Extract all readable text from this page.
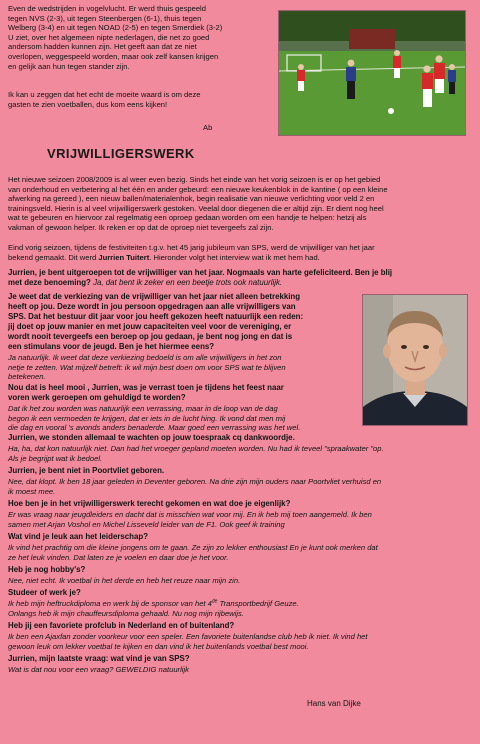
Even de wedstrijden in vogelvlucht. Er werd thuis gespeeld
tegen NVS (2-3), uit tegen Steenbergen (6-1), thuis tegen
Welberg (3-4) en uit tegen NOAD (2-5) en tegen Smerdiek (3-2)
U ziet, over het algemeen nipte nederlagen, die net zo goed
andersom hadden kunnen zijn. Het geeft aan dat ze niet
overlopen, weggespeeld worden, maar ook zelf kansen krijgen
en gelijk aan hun tegen stander zijn.
Ik kan u zeggen dat het echt de moeite waard is om deze
gasten te zien voetballen, dus kom eens kijken!
Ab
VRIJWILLIGERSWERK
Het nieuwe seizoen 2008/2009 is al weer even bezig. Sinds het einde van het vorig seizoen is er op het gebied
van onderhoud en verbetering al het één en ander gebeurd: een nieuwe keukenblok in de kantine ( op een kleine
afwerking na gereed ), een nieuw ballen/materialenhok, begin realisatie van nieuwe verlichting voor veld 2 en
trainingsveld. Hierin is al veel vrijwilligerswerk gestoken. Veelal door diegenen die er altijd zijn. Er dient nog heel
wat te gebeuren en hiervoor zal regelmatig een oproep gedaan worden om een handje te helpen: hetzij als
vakman of gewoon helper. Ik reken er op dat de oproep niet tevergeefs zal zijn.
Eind vorig seizoen, tijdens de festiviteiten t.g.v. het 45 jarig jubileum van SPS, werd de vrijwilliger van het jaar
bekend gemaakt. Dit werd Jurrien Tuitert. Hieronder volgt het interview wat ik met hem had.
Jurrien, je bent uitgeroepen tot de vrijwilliger van het jaar. Nogmaals van harte gefeliciteerd. Ben je blij
met deze benoeming? Ja, dat bent ik zeker en een beetje trots ook natuurlijk.
Je weet dat de verkiezing van de vrijwilliger van het jaar niet alleen betrekking
heeft op jou. Deze wordt in jou persoon opgedragen aan alle vrijwilligers van
SPS. Dat het bestuur dit jaar voor jou heeft gekozen heeft natuurlijk een reden:
jij doet op jouw manier en met jouw capaciteiten veel voor de vereniging, er
wordt nooit tevergeefs een beroep op jou gedaan, je bent nog jong en dat is
een stimulans voor de jeugd. Ben je het hiermee eens?
Ja natuurlijk. Ik weet dat deze verkiezing bedoeld is om alle vrijwilligers in het zon
netje te zetten. Wat mijzelf betreft: ik wil mijn best doen om voor SPS wat te blijven
betekenen.
Nou dat is heel mooi , Jurrien, was je verrast toen je tijdens het feest naar
voren werk geroepen om gehuldigd te worden?
Dat ik het zou worden was natuurlijk een verrassing, maar in de loop van de dag
begon ik een vermoeden te krijgen, dat er iets in de lucht hing. Ik vond dat men mij
die dag en vooral 's avonds anders benaderde. Maar goed een verrassing was het wel.
Jurrien, we stonden allemaal te wachten op jouw toespraak cq dankwoordje.
Ha, ha, dat kon natuurlijk niet. Dan had het vroeger gepland moeten worden. Nu had ik teveel "spraakwater "op.
Als je begrijpt wat ik bedoel.
Jurrien, je bent niet in Poortvliet geboren.
Nee, dat klopt. Ik ben 18 jaar geleden in Deventer geboren. Na drie zijn mijn ouders naar Poortvliet verhuisd en
ik moest mee.
Hoe ben je in het vrijwilligerswerk terecht gekomen en wat doe je eigenlijk?
Er was vraag naar jeugdleiders en dacht dat is misschien wat voor mij. En ik heb mij toen aangemeld. Ik ben
samen met Arjan Voshol en Michel Lisseveld leider van de F1. Ook geef ik training
Wat vind je leuk aan het leiderschap?
Ik vind het prachtig om die kleine jongens om te gaan. Ze zijn zo lekker enthousiast En je kunt ook merken dat
ze het leuk vinden. Dat laten ze je voelen en daar doe je het voor.
Heb je nog hobby's?
Nee, niet echt. Ik voetbal in het derde en heb het reuze naar mijn zin.
Studeer of werk je?
Ik heb mijn heftruckdiploma en werk bij de sponsor van het 4de Transportbedrijf Geuze.
Onlangs heb ik mijn chauffeursdiploma gehaald. Nu nog mijn rijbewijs.
Heb jij een favoriete profclub in Nederland en of buitenland?
Ik ben een Ajaxfan zonder voorkeur voor een speler. Een favoriete buitenlandse club heb ik niet. Ik vind het
gewoon leuk om lekker voetbal te kijken en dan vind ik het buitenlands voetbal best mooi.
Jurrien, mijn laatste vraag: wat vind je van SPS?
Wat is dat nou voor een vraag? GEWELDIG natuurlijk
Hans van Dijke
